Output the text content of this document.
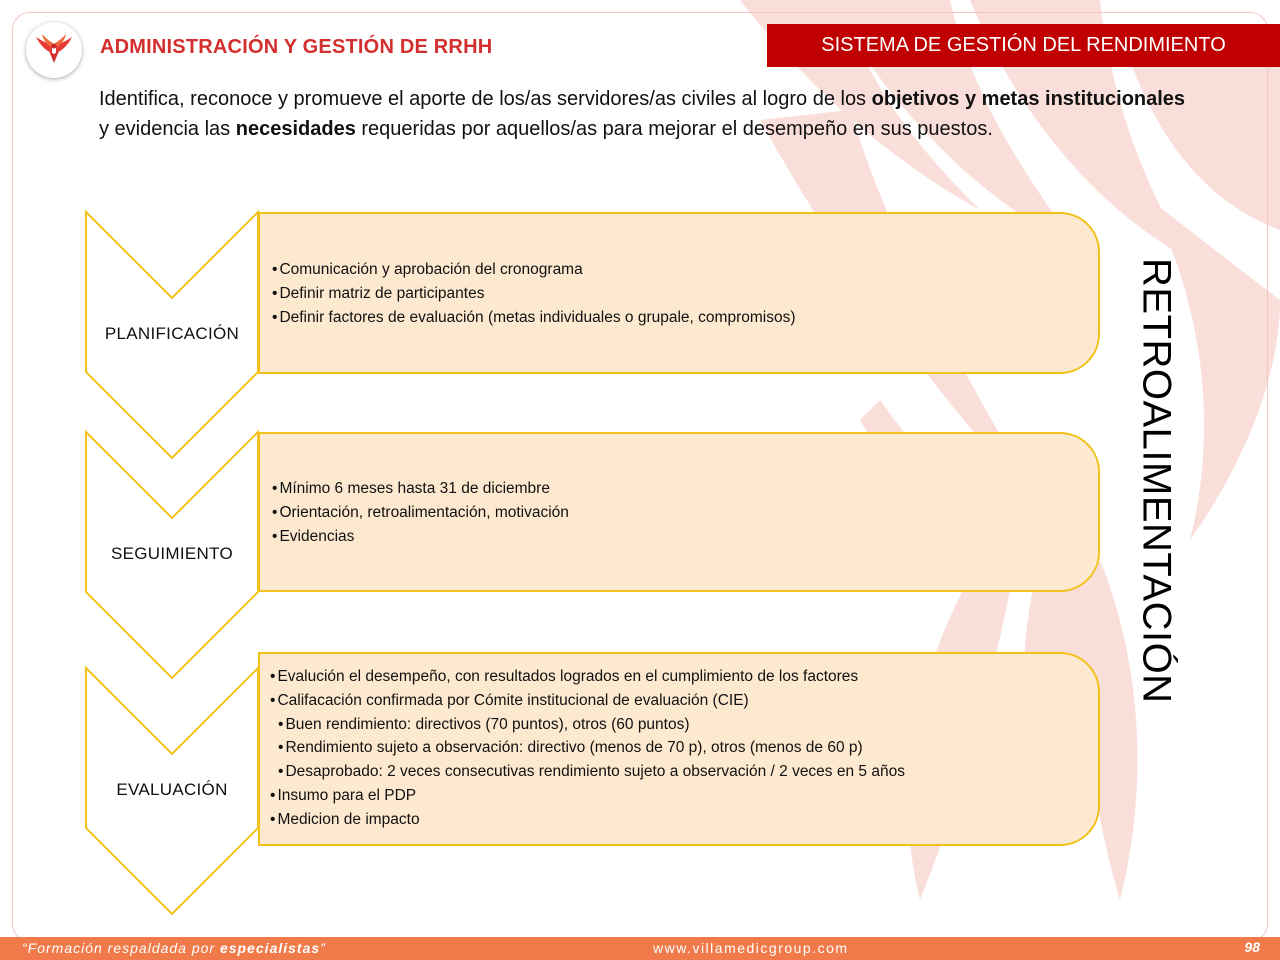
ADMINISTRACIÓN Y GESTIÓN DE RRHH	SISTEMA DE GESTIÓN DEL RENDIMIENTO
Identifica, reconoce y promueve el aporte de los/as servidores/as civiles al logro de los objetivos y metas institucionales y evidencia las necesidades requeridas por aquellos/as para mejorar el desempeño en sus puestos.
PLANIFICACIÓN
SEGUIMIENTO
EVALUACIÓN
• Comunicación y aprobación del cronograma
• Definir matriz de participantes
• Definir factores de evaluación (metas individuales o grupale, compromisos)
• Mínimo 6 meses hasta 31 de diciembre
• Orientación, retroalimentación, motivación
• Evidencias
• Evalución el desempeño, con resultados logrados en el cumplimiento de los factores
• Califacación confirmada por Cómite institucional de evaluación (CIE)
• Buen rendimiento: directivos (70 puntos), otros (60 puntos)
• Rendimiento sujeto a observación: directivo (menos de 70 p), otros (menos de 60 p)
• Desaprobado: 2 veces consecutivas rendimiento sujeto a observación / 2 veces en 5 años
• Insumo para el PDP
• Medicion de impacto
RETROALIMENTACIÓN
“Formación respaldada por especialistas”	www.villamedicgroup.com	98
